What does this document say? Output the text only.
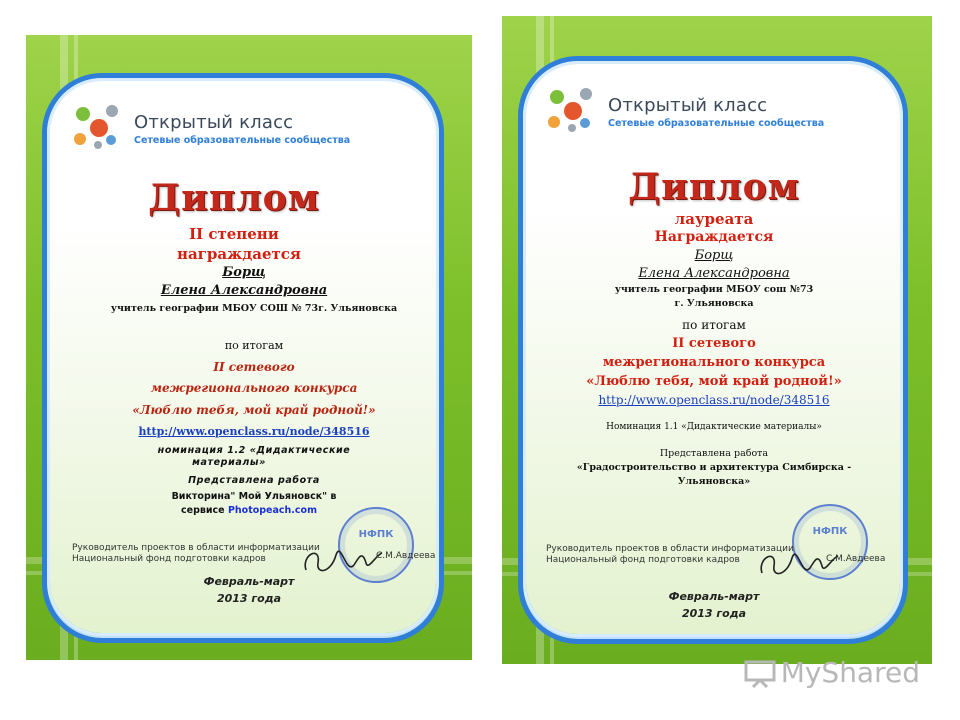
Открытый класс
Сетевые образовательные сообщества
Диплом
II степени
награждается
Борщ
Елена Александровна
учитель географии МБОУ СОШ № 73г. Ульяновска
по итогам
II сетевого
межрегионального конкурса
«Люблю тебя, мой край родной!»
http://www.openclass.ru/node/348516
номинация 1.2 «Дидактические
материалы»
Представлена работа
Викторина" Мой Ульяновск" в
сервисе Photopeach.com
НФПК
Руководитель проектов в области информатизации
Национальный фонд подготовки кадров	С.М.Авдеева
Февраль-март
2013 года
Открытый класс
Сетевые образовательные сообщества
Диплом
лауреата
Награждается
Борщ
Елена Александровна
учитель географии МБОУ сош №73
г. Ульяновска
по итогам
II сетевого
межрегионального конкурса
«Люблю тебя, мой край родной!»
http://www.openclass.ru/node/348516
Номинация 1.1 «Дидактические материалы»
Представлена работа
«Градостроительство и архитектура Симбирска -
Ульяновска»
НФПК
Руководитель проектов в области информатизации
Национальный фонд подготовки кадров	С.М.Авдеева
Февраль-март
2013 года
MyShared
